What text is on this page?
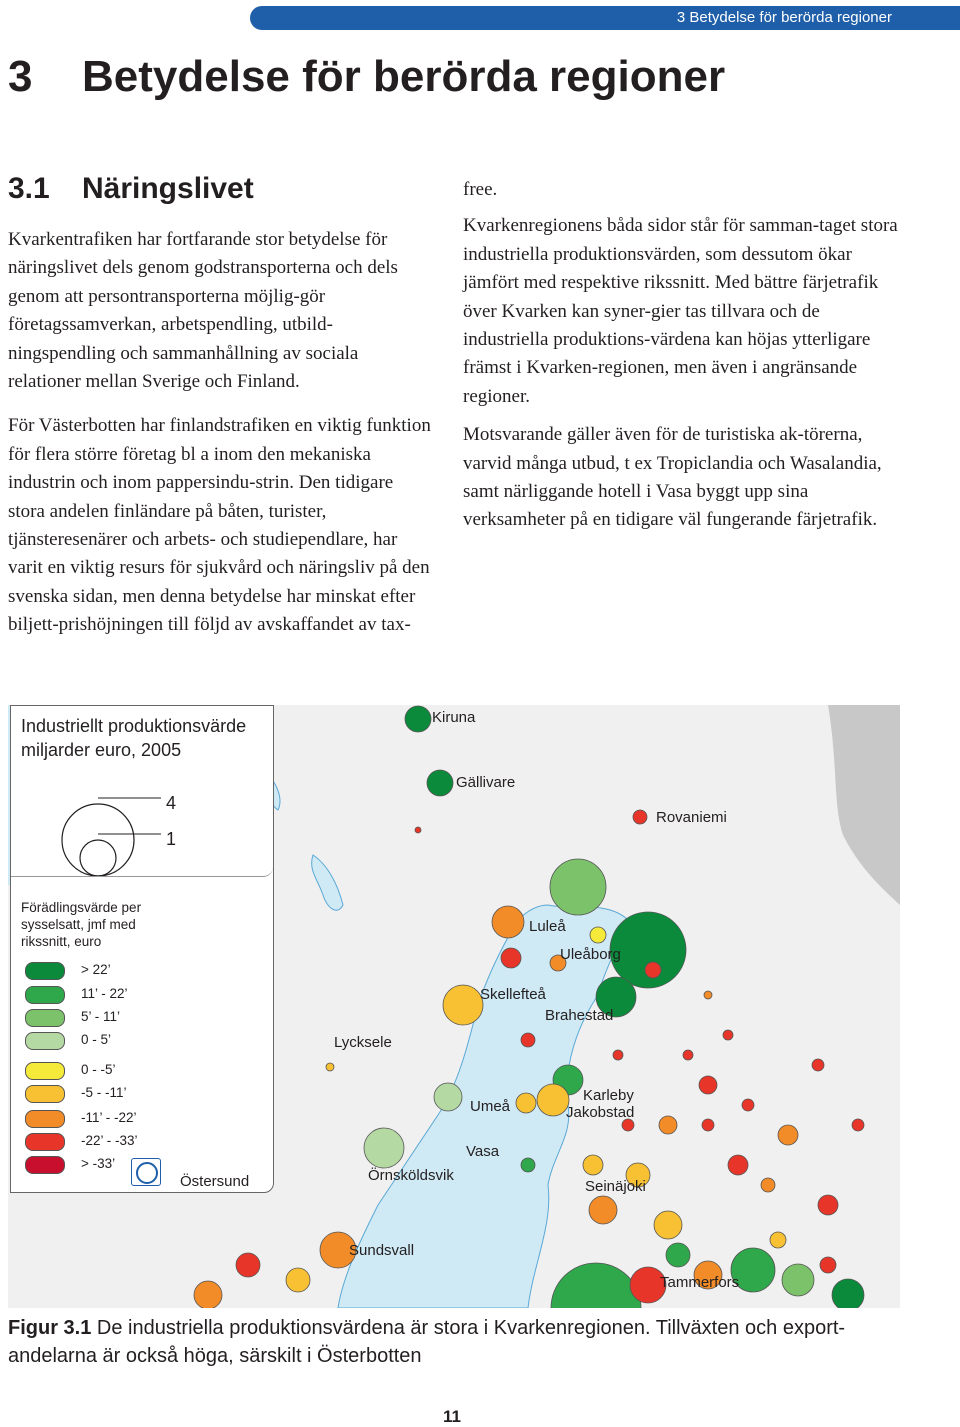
3 Betydelse för berörda regioner
3 Betydelse för berörda regioner
3.1 Näringslivet

Kvarkentrafiken har fortfarande stor betydelse för näringslivet dels genom godstransporterna och dels genom att persontransporterna möjlig-gör företagssamverkan, arbetspendling, utbild-ningspendling och sammanhållning av sociala relationer mellan Sverige och Finland.

För Västerbotten har finlandstrafiken en viktig funktion för flera större företag bl a inom den mekaniska industrin och inom pappersindu-strin. Den tidigare stora andelen finländare på båten, turister, tjänsteresenärer och arbets- och studiependlare, har varit en viktig resurs för sjukvård och näringsliv på den svenska sidan, men denna betydelse har minskat efter biljett-prishöjningen till följd av avskaffandet av tax-

free.

Kvarkenregionens båda sidor står för samman-taget stora industriella produktionsvärden, som dessutom ökar jämfört med respektive rikssnitt. Med bättre färjetrafik över Kvarken kan syner-gier tas tillvara och de industriella produktions-värdena kan höjas ytterligare främst i Kvarken-regionen, men även i angränsande regioner.

Motsvarande gäller även för de turistiska ak-törerna, varvid många utbud, t ex Tropiclandia och Wasalandia, samt närliggande hotell i Vasa byggt upp sina verksamheter på en tidigare väl fungerande färjetrafik.

Industriellt produktionsvärde miljarder euro, 2005
4
1
Förädlingsvärde per sysselsatt, jmf med rikssnitt, euro
> 22’
11’ - 22’
5’ - 11’
0 - 5’
0 - -5’
-5 - -11’
-11’ - -22’
-22’ - -33’
> -33’
Kiruna
Gällivare
Rovaniemi
Luleå
Uleåborg
Skellefteå
Brahestad
Lycksele
Umeå
Karleby
Jakobstad
Vasa
Örnsköldsvik
Östersund	Seinäjoki
Sundsvall
Tammerfors
Figur 3.1 De industriella produktionsvärdena är stora i Kvarkenregionen. Tillväxten och export-andelarna är också höga, särskilt i Österbotten
11
